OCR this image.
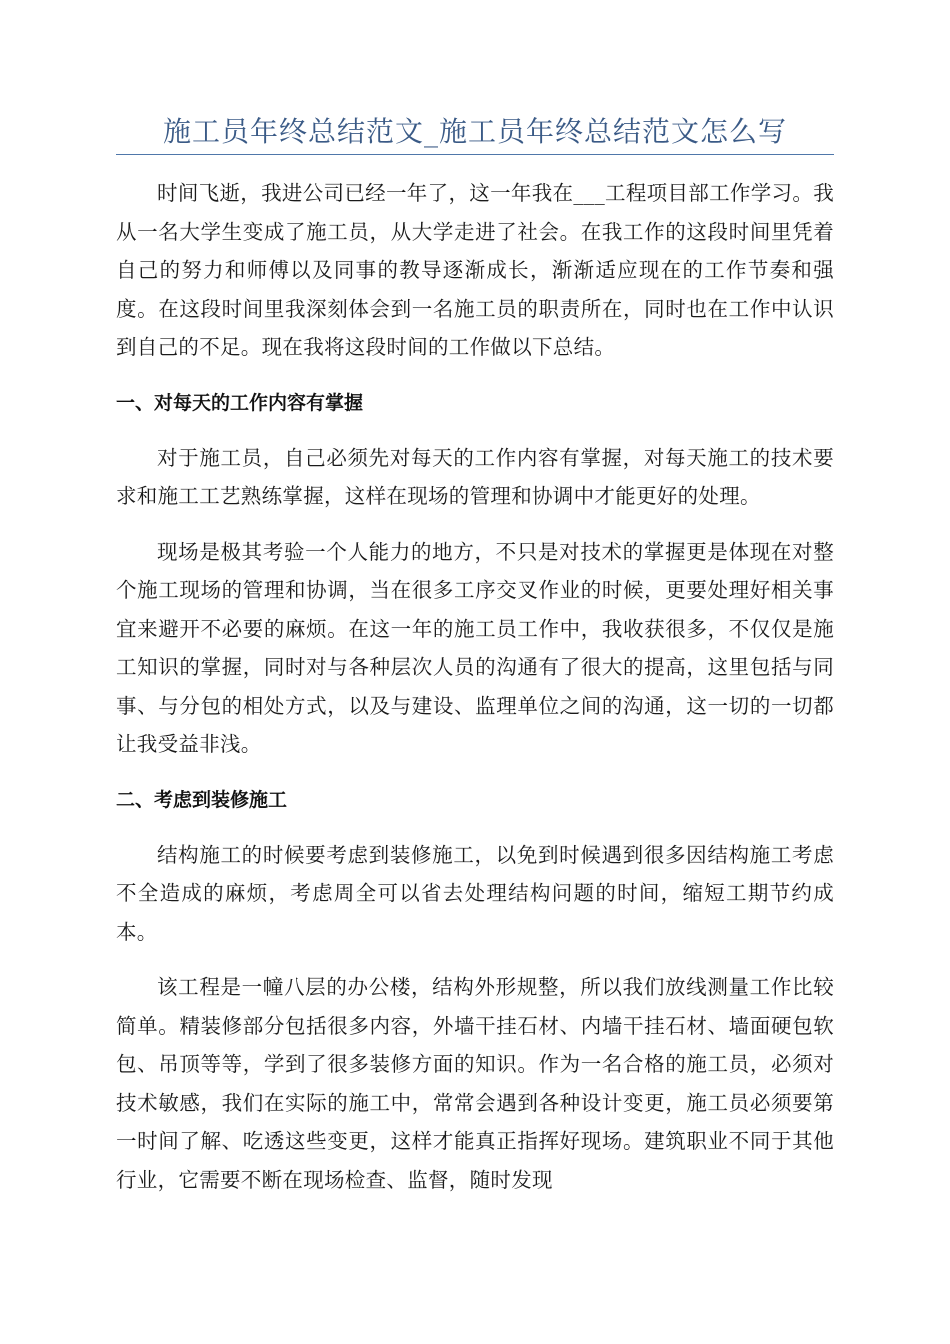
施工员年终总结范文_施工员年终总结范文怎么写

时间飞逝，我进公司已经一年了，这一年我在___工程项目部工作学习。我从一名大学生变成了施工员，从大学走进了社会。在我工作的这段时间里凭着自己的努力和师傅以及同事的教导逐渐成长，渐渐适应现在的工作节奏和强度。在这段时间里我深刻体会到一名施工员的职责所在，同时也在工作中认识到自己的不足。现在我将这段时间的工作做以下总结。

一、对每天的工作内容有掌握

对于施工员，自己必须先对每天的工作内容有掌握，对每天施工的技术要求和施工工艺熟练掌握，这样在现场的管理和协调中才能更好的处理。

现场是极其考验一个人能力的地方，不只是对技术的掌握更是体现在对整个施工现场的管理和协调，当在很多工序交叉作业的时候，更要处理好相关事宜来避开不必要的麻烦。在这一年的施工员工作中，我收获很多，不仅仅是施工知识的掌握，同时对与各种层次人员的沟通有了很大的提高，这里包括与同事、与分包的相处方式，以及与建设、监理单位之间的沟通，这一切的一切都让我受益非浅。

二、考虑到装修施工

结构施工的时候要考虑到装修施工，以免到时候遇到很多因结构施工考虑不全造成的麻烦，考虑周全可以省去处理结构问题的时间，缩短工期节约成本。

该工程是一幢八层的办公楼，结构外形规整，所以我们放线测量工作比较简单。精装修部分包括很多内容，外墙干挂石材、内墙干挂石材、墙面硬包软包、吊顶等等，学到了很多装修方面的知识。作为一名合格的施工员，必须对技术敏感，我们在实际的施工中，常常会遇到各种设计变更，施工员必须要第一时间了解、吃透这些变更，这样才能真正指挥好现场。建筑职业不同于其他行业，它需要不断在现场检查、监督，随时发现
